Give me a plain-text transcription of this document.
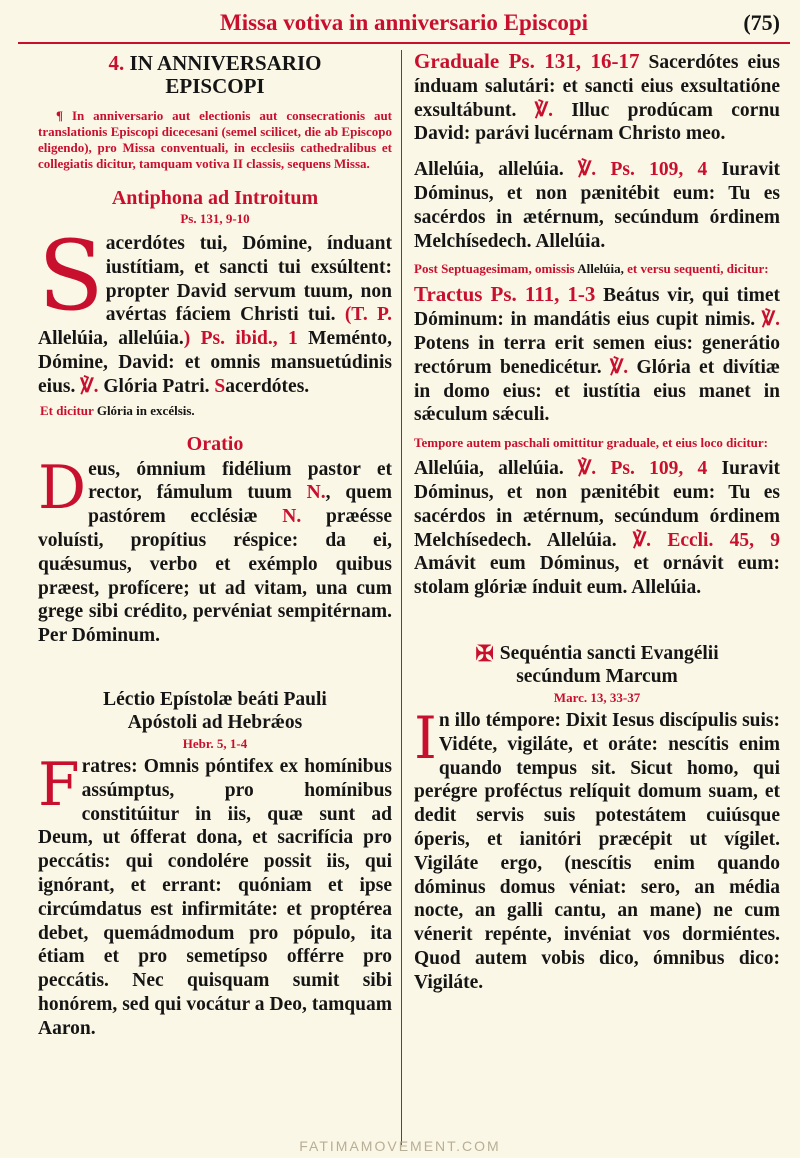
Missa votiva in anniversario Episcopi	(75)
4. IN ANNIVERSARIO
EPISCOPI

¶ In anniversario aut electionis aut consecrationis aut translationis Episcopi dicecesani (semel scilicet, die ab Episcopo eligendo), pro Missa conventuali, in ecclesiis cathedralibus et collegiatis dicitur, tamquam votiva II classis, sequens Missa.

Antiphona ad Introitum
Ps. 131, 9-10

Sacerdótes tui, Dómine, índuant iustítiam, et sancti tui exsúltent: propter David servum tuum, non avértas fáciem Christi tui. (T. P. Allelúia, allelúia.) Ps. ibid., 1 Meménto, Dómine, David: et omnis mansuetúdinis eius. ℣. Glória Patri. Sacerdótes.

Et dicitur Glória in excélsis.

Oratio

Deus, ómnium fidélium pastor et rector, fámulum tuum N., quem pastórem ecclésiæ N. præésse voluísti, propítius réspice: da ei, quǽsumus, verbo et exémplo quibus præest, profícere; ut ad vitam, una cum grege sibi crédito, pervéniat sempitérnam. Per Dóminum.

Léctio Epístolæ beáti Pauli
Apóstoli ad Hebrǽos
Hebr. 5, 1-4

Fratres: Omnis póntifex ex homínibus assúmptus, pro homínibus constitúitur in iis, quæ sunt ad Deum, ut ófferat dona, et sacrifícia pro peccátis: qui condolére possit iis, qui ignórant, et errant: quóniam et ipse circúmdatus est infirmitáte: et proptérea debet, quemádmodum pro pópulo, ita étiam et pro semetípso offérre pro peccátis. Nec quisquam sumit sibi honórem, sed qui vocátur a Deo, tamquam Aaron.

Graduale Ps. 131, 16-17 Sacerdótes eius índuam salutári: et sancti eius exsultatióne exsultábunt. ℣. Illuc prodúcam cornu David: parávi lucérnam Christo meo.

Allelúia, allelúia. ℣. Ps. 109, 4 Iuravit Dóminus, et non pænitébit eum: Tu es sacérdos in ætérnum, secúndum órdinem Melchísedech. Allelúia.

Post Septuagesimam, omissis Allelúia, et versu sequenti, dicitur:

Tractus Ps. 111, 1-3 Beátus vir, qui timet Dóminum: in mandátis eius cupit nimis. ℣. Potens in terra erit semen eius: generátio rectórum benedicétur. ℣. Glória et divítiæ in domo eius: et iustítia eius manet in sǽculum sǽculi.

Tempore autem paschali omittitur graduale, et eius loco dicitur:

Allelúia, allelúia. ℣. Ps. 109, 4 Iuravit Dóminus, et non pænitébit eum: Tu es sacérdos in ætérnum, secúndum órdinem Melchísedech. Allelúia. ℣. Eccli. 45, 9 Amávit eum Dóminus, et ornávit eum: stolam glóriæ índuit eum. Allelúia.

✠ Sequéntia sancti Evangélii
secúndum Marcum
Marc. 13, 33-37

In illo témpore: Dixit Iesus discípulis suis: Vidéte, vigiláte, et oráte: nescítis enim quando tempus sit. Sicut homo, qui perégre proféctus relíquit domum suam, et dedit servis suis potestátem cuiúsque óperis, et ianitóri præcépit ut vígilet. Vigiláte ergo, (nescítis enim quando dóminus domus véniat: sero, an média nocte, an galli cantu, an mane) ne cum vénerit repénte, invéniat vos dormiéntes. Quod autem vobis dico, ómnibus dico: Vigiláte.

FATIMAMOVEMENT.COM
